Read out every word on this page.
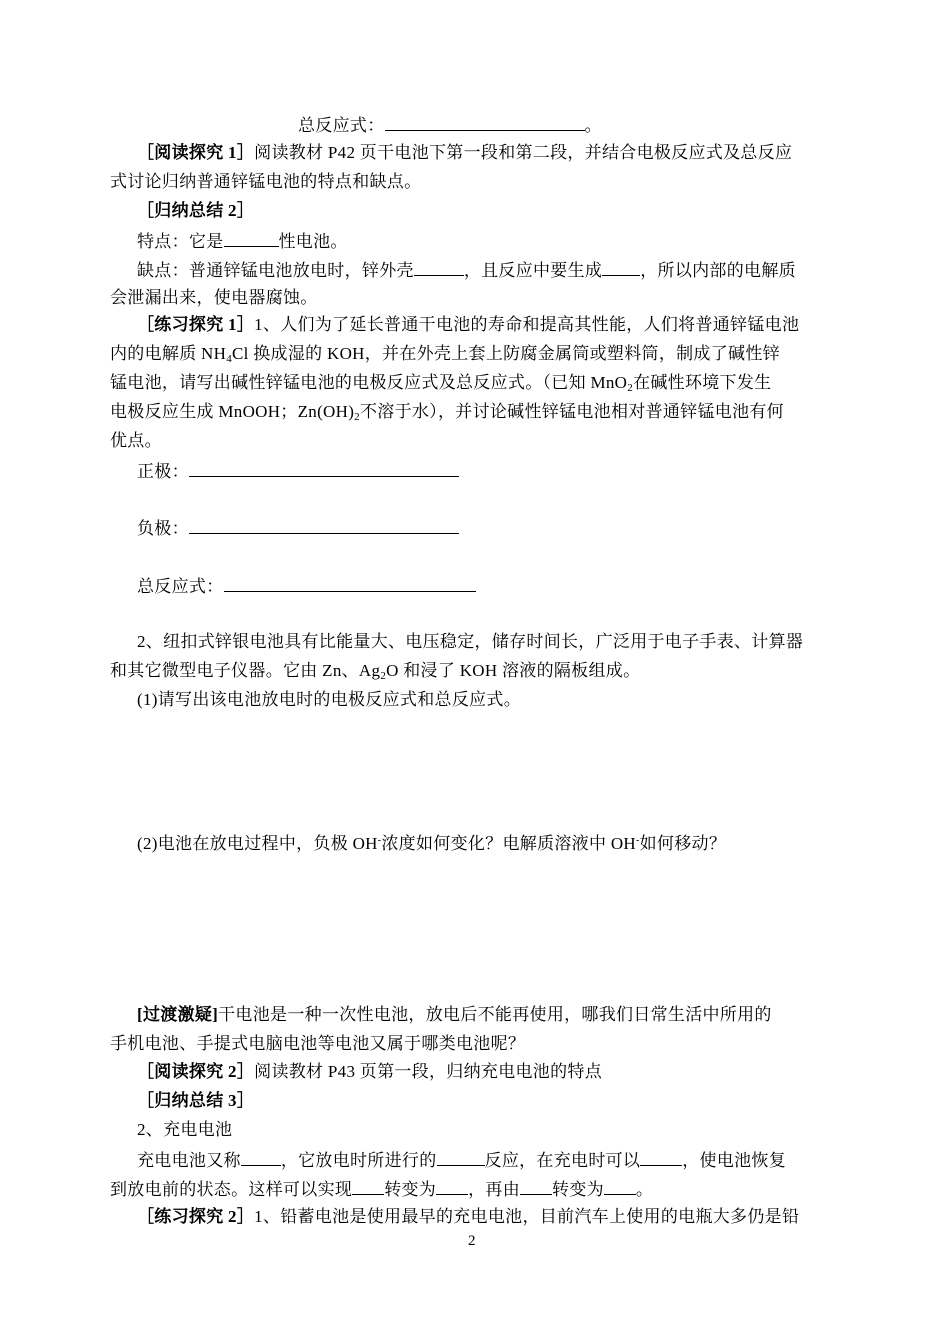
总反应式：	。
［阅读探究 1］阅读教材 P42 页干电池下第一段和第二段，并结合电极反应式及总反应
式讨论归纳普通锌锰电池的特点和缺点。
［归纳总结 2］
特点：它是	性电池。
缺点：普通锌锰电池放电时，锌外壳	，且反应中要生成 ，所以内部的电解质
会泄漏出来，使电器腐蚀。
［练习探究 1］1、人们为了延长普通干电池的寿命和提高其性能，人们将普通锌锰电池
内的电解质 $NH_4Cl$ 换成湿的 KOH，并在外壳上套上防腐金属筒或塑料筒，制成了碱性锌
锰电池，请写出碱性锌锰电池的电极反应式及总反应式。（已知 MnO$_2$在碱性环境下发生
电极反应生成 MnOOH；$Zn(OH)_2$不溶于水），并讨论碱性锌锰电池相对普通锌锰电池有何
优点。
正极：
负极：
总反应式：
2、纽扣式锌银电池具有比能量大、电压稳定，储存时间长，广泛用于电子手表、计算器
和其它微型电子仪器。它由 Zn、$Ag_2O$ 和浸了 KOH 溶液的隔板组成。
(1)请写出该电池放电时的电极反应式和总反应式。
(2)电池在放电过程中，负极 OH-浓度如何变化？电解质溶液中 OH-如何移动？
[过渡激疑]干电池是一种一次性电池，放电后不能再使用，哪我们日常生活中所用的
手机电池、手提式电脑电池等电池又属于哪类电池呢？
［阅读探究 2］阅读教材 P43 页第一段，归纳充电电池的特点
［归纳总结 3］
2、充电电池
充电电池又称 ，它放电时所进行的	反应，在充电时可以 ，使电池恢复
到放电前的状态。这样可以实现 转变为 ，再由 转变为 。
［练习探究 2］1、铅蓄电池是使用最早的充电电池，目前汽车上使用的电瓶大多仍是铅
2
